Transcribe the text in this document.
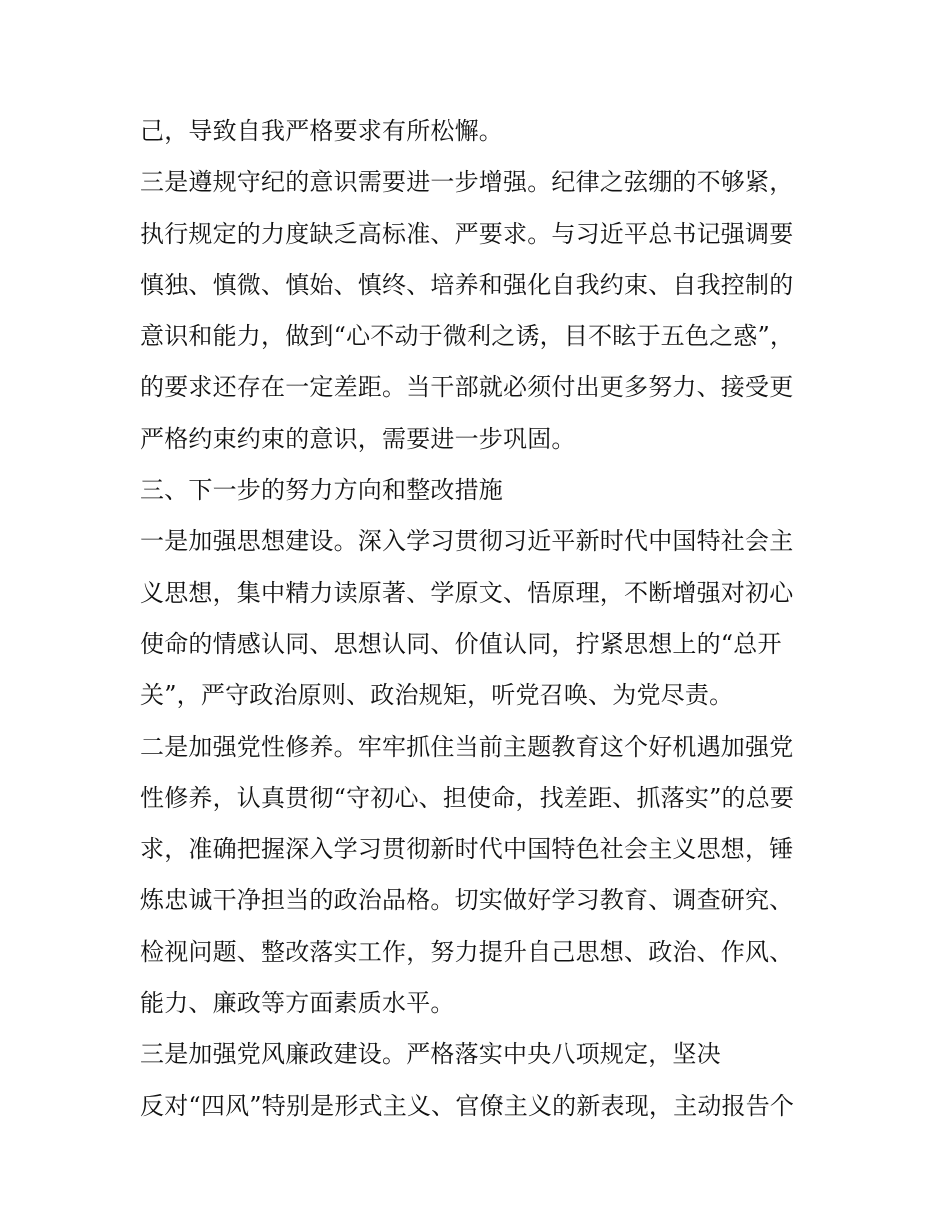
己，导致自我严格要求有所松懈。
三是遵规守纪的意识需要进一步增强。纪律之弦绷的不够紧，
执行规定的力度缺乏高标准、严要求。与习近平总书记强调要
慎独、慎微、慎始、慎终、培养和强化自我约束、自我控制的
意识和能力，做到“心不动于微利之诱，目不眩于五色之惑”，
的要求还存在一定差距。当干部就必须付出更多努力、接受更
严格约束约束的意识，需要进一步巩固。
三、下一步的努力方向和整改措施
一是加强思想建设。深入学习贯彻习近平新时代中国特社会主
义思想，集中精力读原著、学原文、悟原理，不断增强对初心
使命的情感认同、思想认同、价值认同，拧紧思想上的“总开
关”，严守政治原则、政治规矩，听党召唤、为党尽责。
二是加强党性修养。牢牢抓住当前主题教育这个好机遇加强党
性修养，认真贯彻“守初心、担使命，找差距、抓落实”的总要
求，准确把握深入学习贯彻新时代中国特色社会主义思想，锤
炼忠诚干净担当的政治品格。切实做好学习教育、调查研究、
检视问题、整改落实工作，努力提升自己思想、政治、作风、
能力、廉政等方面素质水平。
三是加强党风廉政建设。严格落实中央八项规定，坚决
反对“四风”特别是形式主义、官僚主义的新表现，主动报告个
